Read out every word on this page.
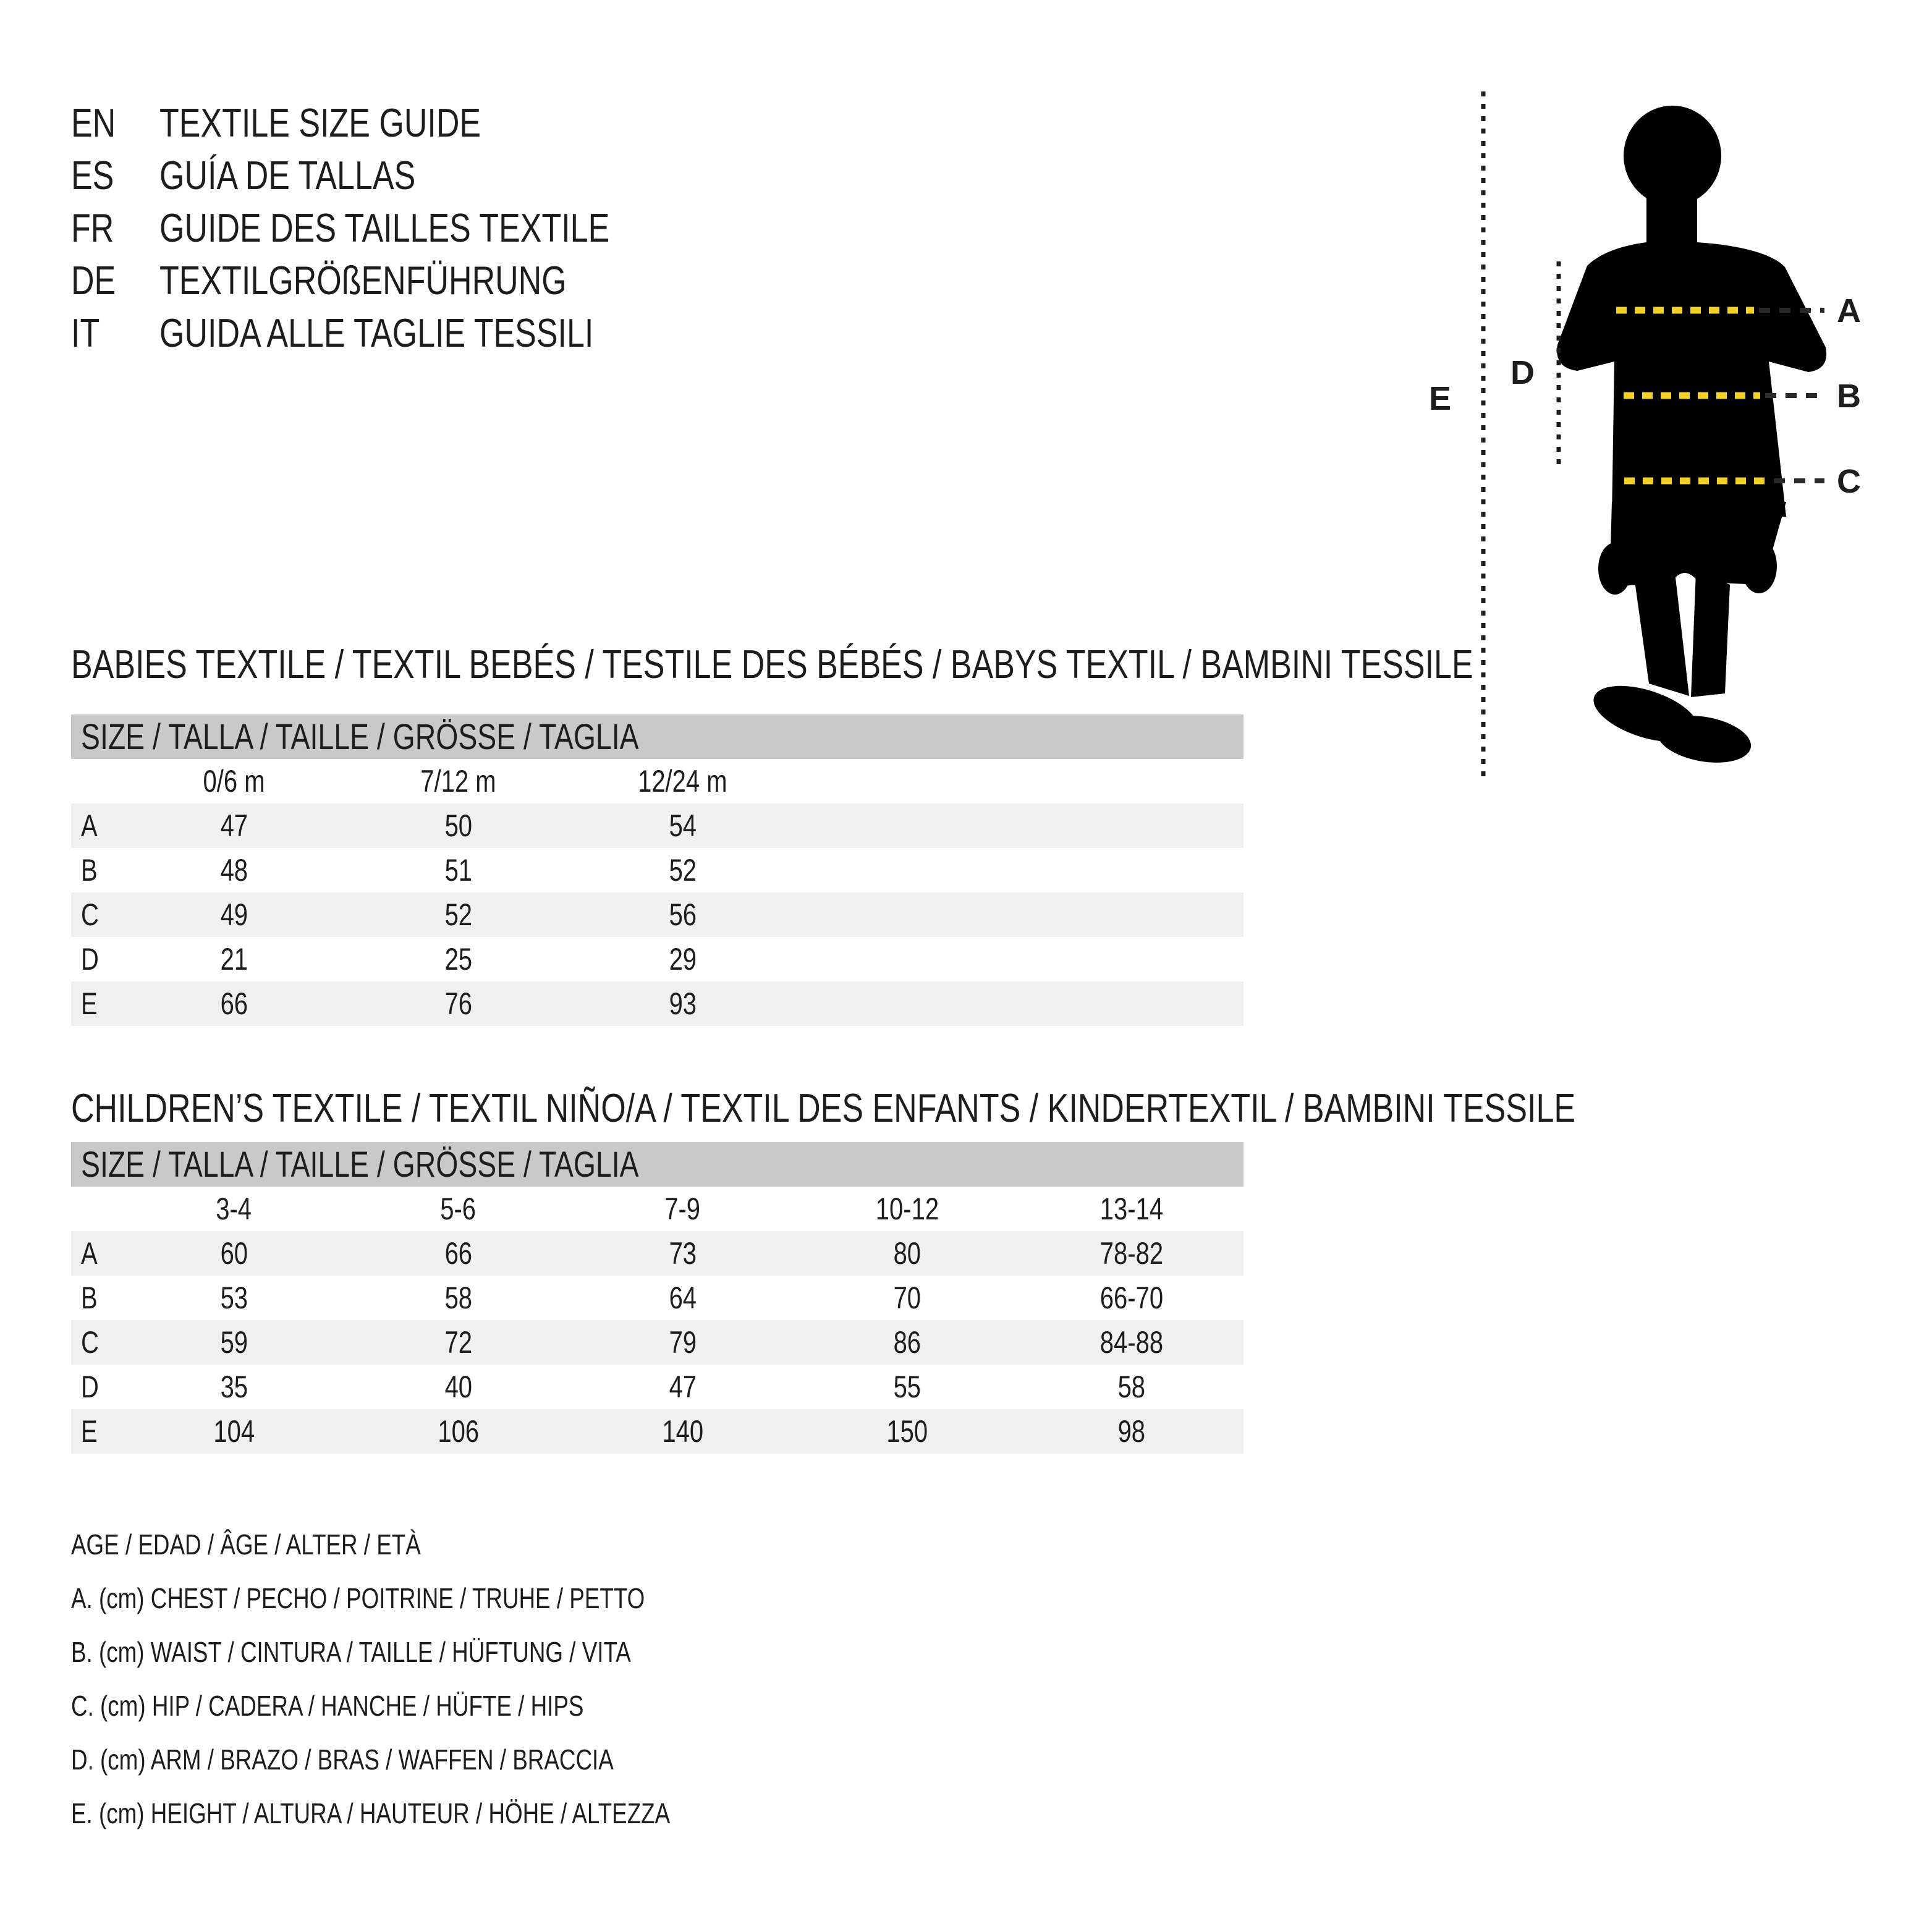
EN	TEXTILE SIZE GUIDE
ES	GUÍA DE TALLAS
FR	GUIDE DES TAILLES TEXTILE
DE	TEXTILGRÖßENFÜHRUNG
IT	GUIDA ALLE TAGLIE TESSILI	A
B
C
D
E
BABIES TEXTILE / TEXTIL BEBÉS / TESTILE DES BÉBÉS / BABYS TEXTIL / BAMBINI TESSILE
SIZE / TALLA / TAILLE / GRÖSSE / TAGLIA
0/6 m	7/12 m	12/24 m
A	47	50	54
B	48	51	52
C	49	52	56
D	21	25	29
E	66	76	93
CHILDREN’S TEXTILE / TEXTIL NIÑO/A / TEXTIL DES ENFANTS / KINDERTEXTIL / BAMBINI TESSILE
SIZE / TALLA / TAILLE / GRÖSSE / TAGLIA
3-4	5-6	7-9	10-12	13-14
A	60	66	73	80	78-82
B	53	58	64	70	66-70
C	59	72	79	86	84-88
D	35	40	47	55	58
E	104	106	140	150	98
AGE / EDAD / ÂGE / ALTER / ETÀ
A. (cm) CHEST / PECHO / POITRINE / TRUHE / PETTO
B. (cm) WAIST / CINTURA / TAILLE / HÜFTUNG / VITA
C. (cm) HIP / CADERA / HANCHE / HÜFTE / HIPS
D. (cm) ARM / BRAZO / BRAS / WAFFEN / BRACCIA
E. (cm) HEIGHT / ALTURA / HAUTEUR / HÖHE / ALTEZZA
